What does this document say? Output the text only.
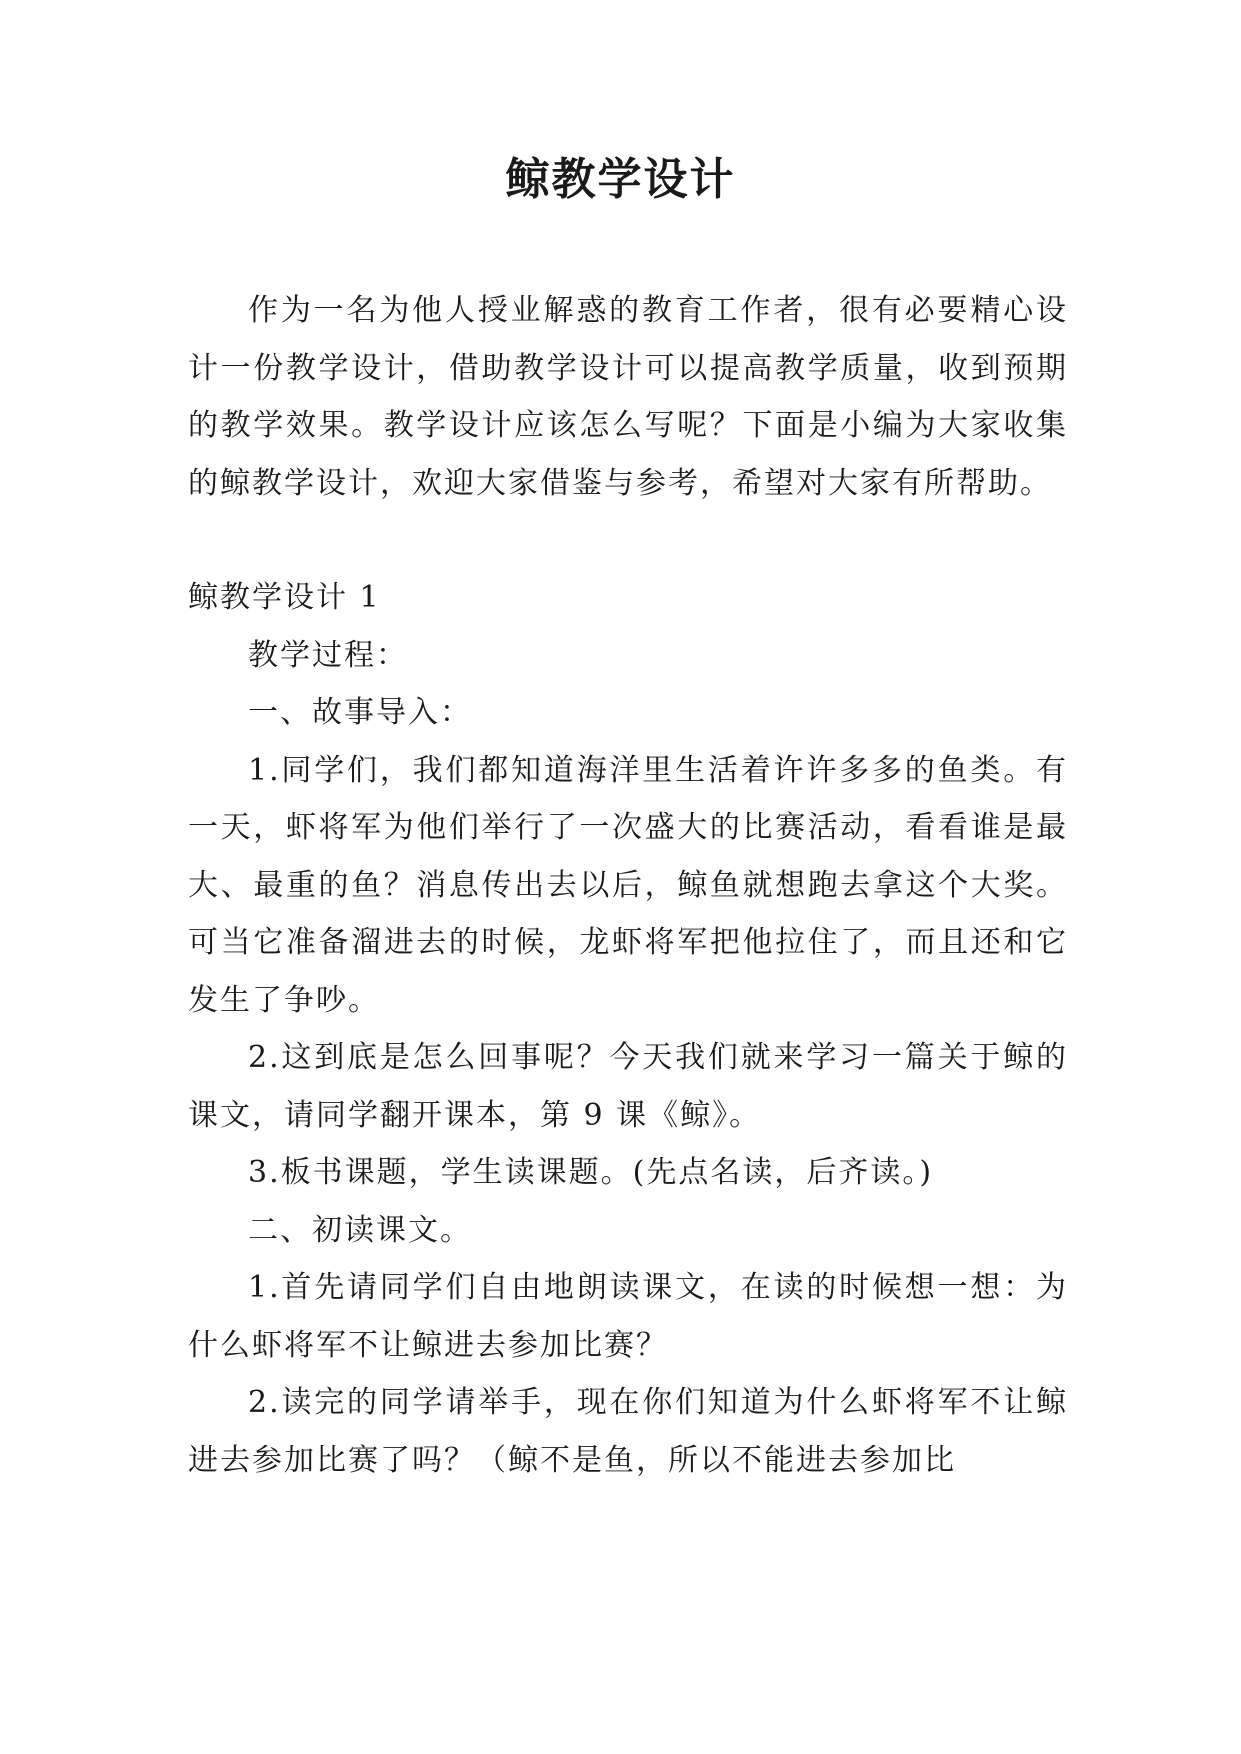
鲸教学设计

作为一名为他人授业解惑的教育工作者，很有必要精心设计一份教学设计，借助教学设计可以提高教学质量，收到预期的教学效果。教学设计应该怎么写呢？下面是小编为大家收集的鲸教学设计，欢迎大家借鉴与参考，希望对大家有所帮助。

鲸教学设计 1

教学过程：

一、故事导入：

1.同学们，我们都知道海洋里生活着许许多多的鱼类。有一天，虾将军为他们举行了一次盛大的比赛活动，看看谁是最大、最重的鱼？消息传出去以后，鲸鱼就想跑去拿这个大奖。可当它准备溜进去的时候，龙虾将军把他拉住了，而且还和它发生了争吵。

2.这到底是怎么回事呢？今天我们就来学习一篇关于鲸的课文，请同学翻开课本，第 9 课《鲸》。

3.板书课题，学生读课题。(先点名读，后齐读。)

二、初读课文。

1.首先请同学们自由地朗读课文，在读的时候想一想：为什么虾将军不让鲸进去参加比赛？

2.读完的同学请举手，现在你们知道为什么虾将军不让鲸进去参加比赛了吗？（鲸不是鱼，所以不能进去参加比
